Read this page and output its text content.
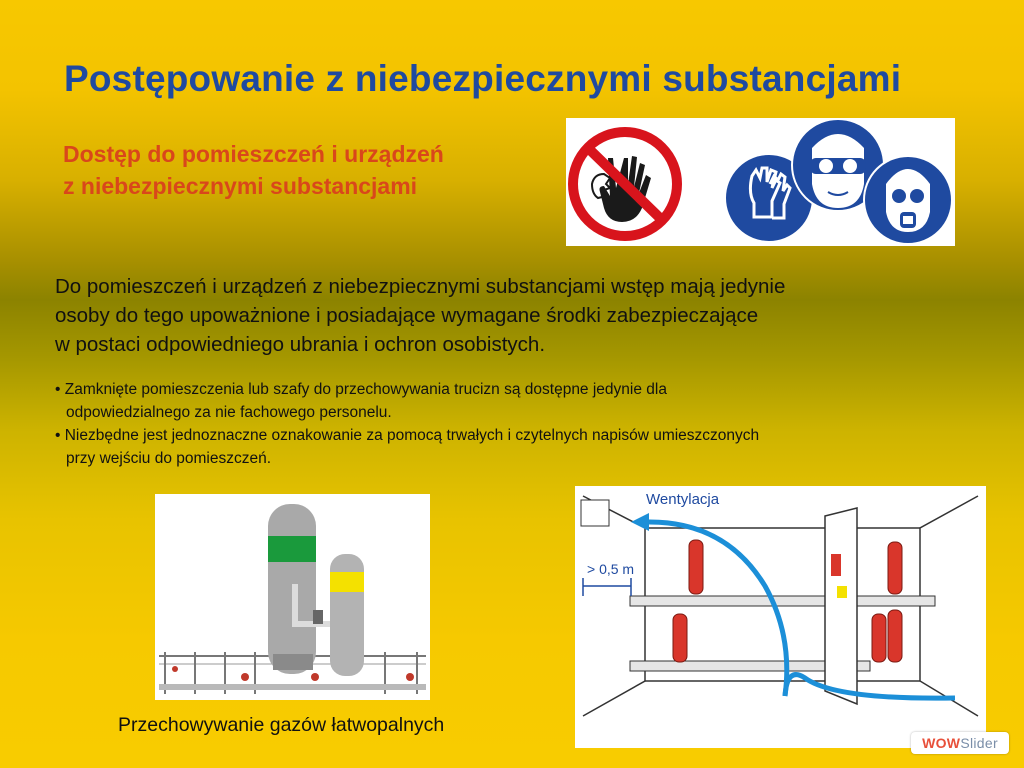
Postępowanie z niebezpiecznymi substancjami
Dostęp do pomieszczeń i urządzeń
z niebezpiecznymi substancjami

Do pomieszczeń i urządzeń z niebezpiecznymi substancjami wstęp mają jedynie
osoby do tego upoważnione i posiadające wymagane środki zabezpieczające
w postaci odpowiedniego ubrania i ochron osobistych.

• Zamknięte pomieszczenia lub szafy do przechowywania trucizn są dostępne jedynie dla
odpowiedzialnego za nie fachowego personelu.
• Niezbędne jest jednoznaczne oznakowanie za pomocą trwałych i czytelnych napisów umieszczonych
przy wejściu do pomieszczeń.
Przechowywanie gazów łatwopalnych
Wentylacja
> 0,5 m
WOWSlider
